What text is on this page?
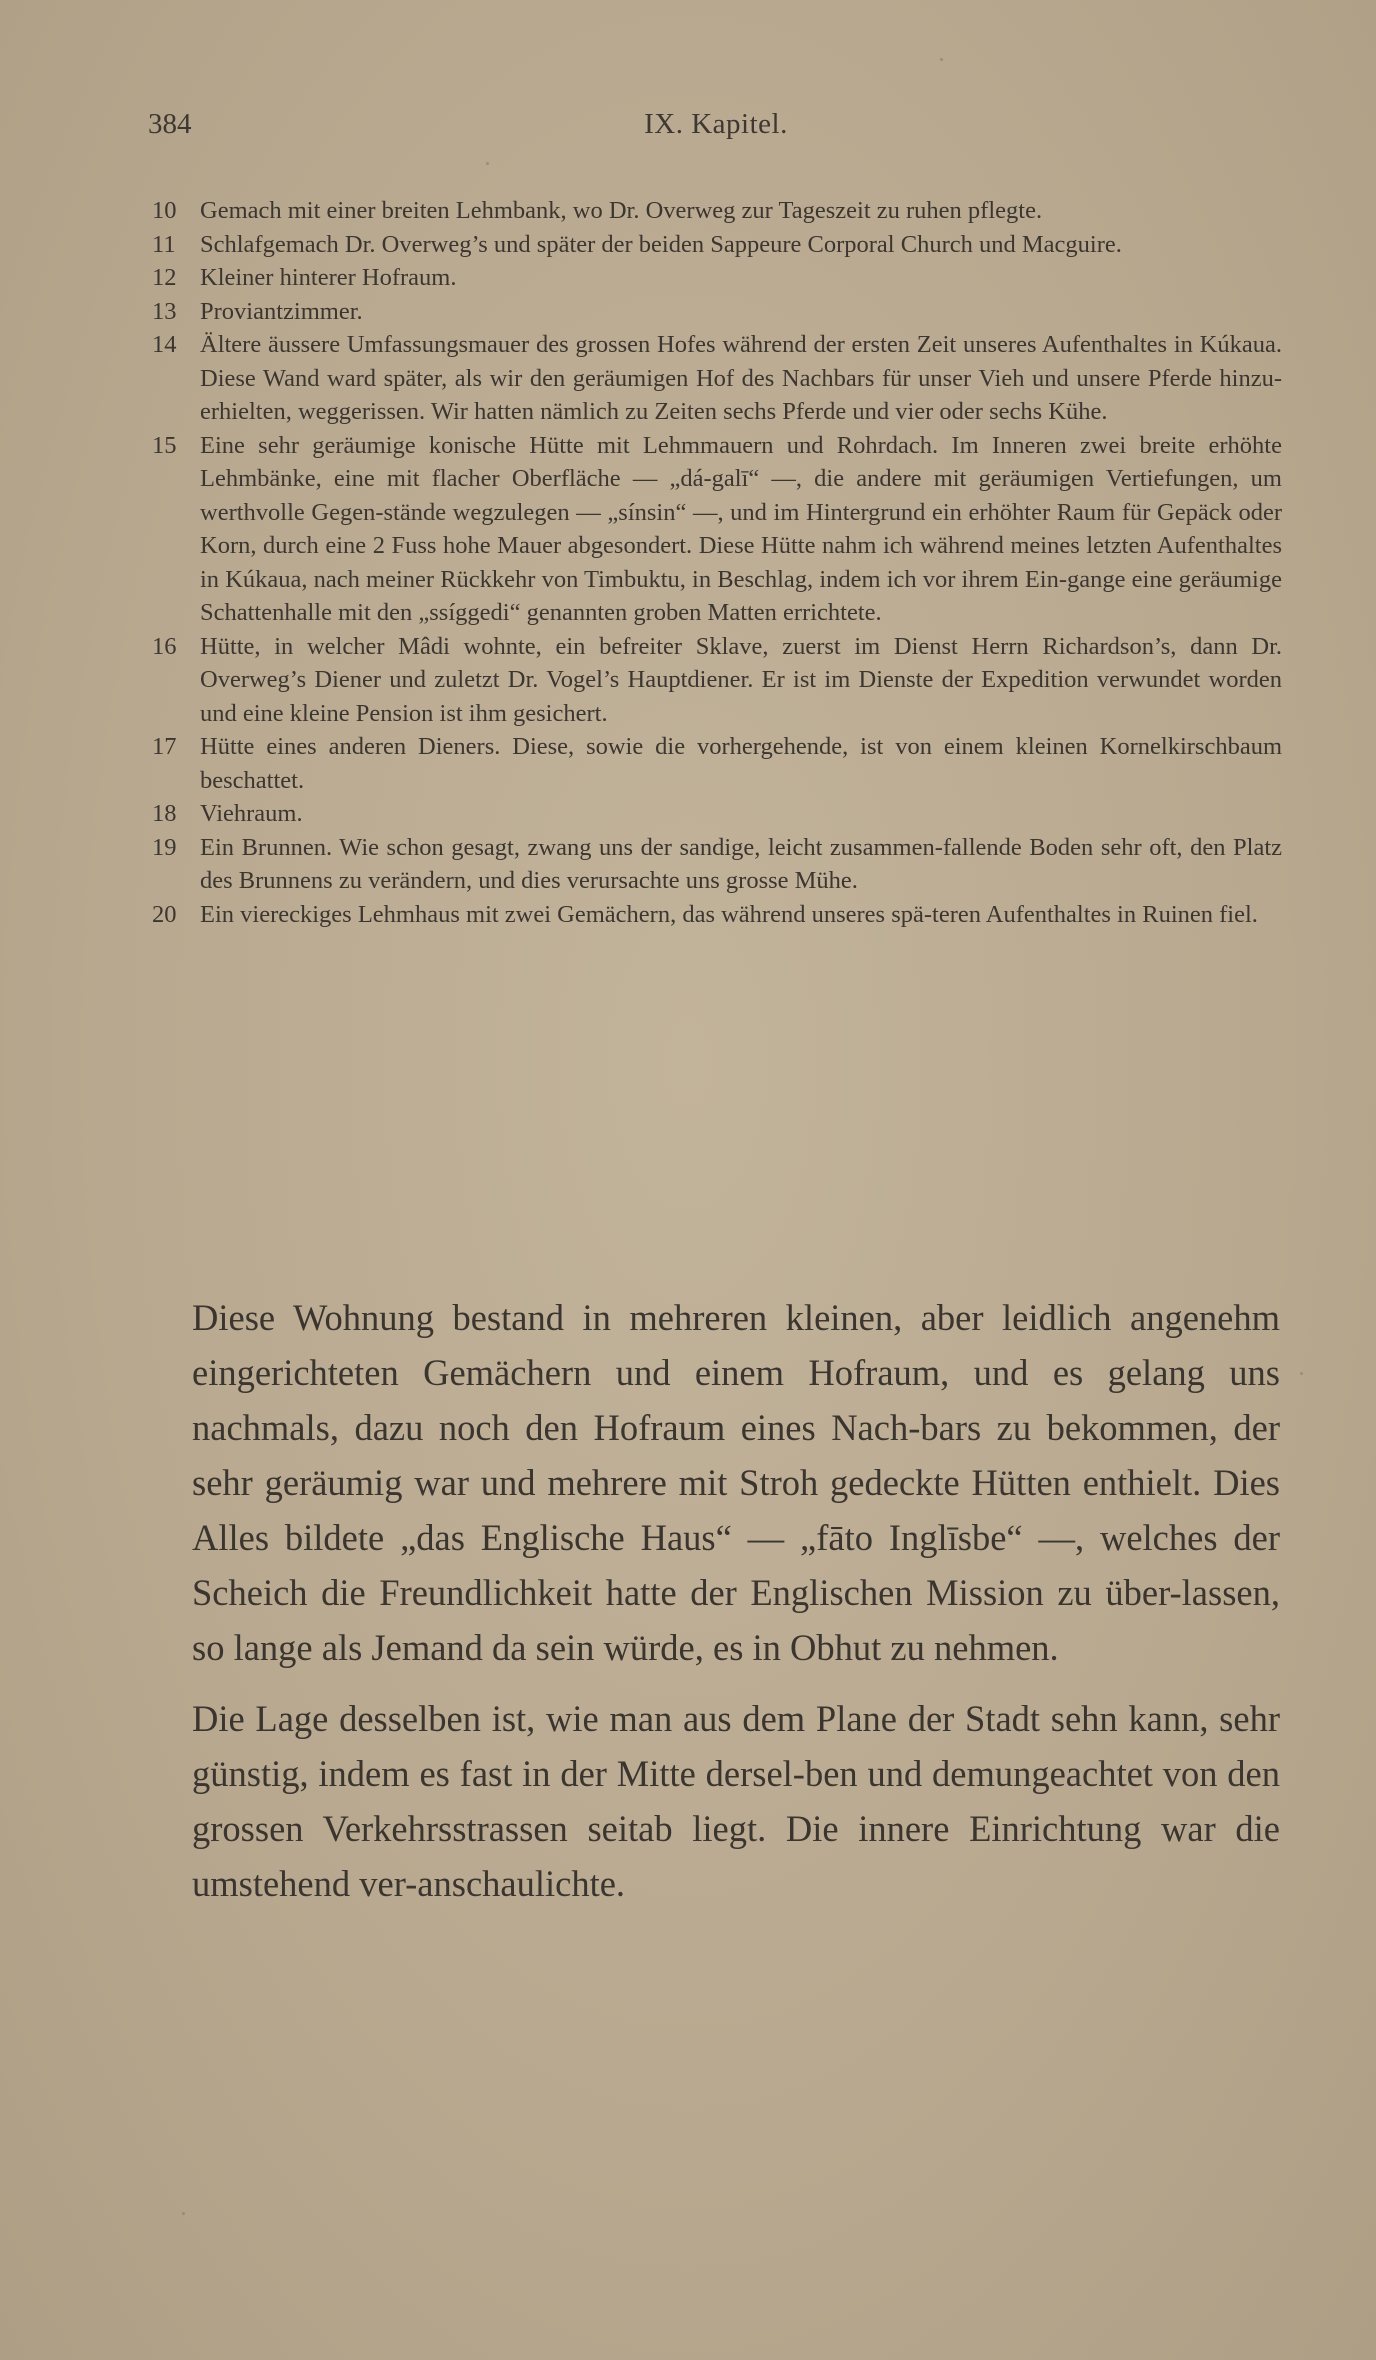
384	IX. Kapitel.
10 Gemach mit einer breiten Lehmbank, wo Dr. Overweg zur Tageszeit zu ruhen pflegte.
11 Schlafgemach Dr. Overweg’s und später der beiden Sappeure Corporal Church und Macguire.
12 Kleiner hinterer Hofraum.
13 Proviantzimmer.
14 Ältere äussere Umfassungsmauer des grossen Hofes während der ersten Zeit unseres Aufenthaltes in Kúkaua. Diese Wand ward später, als wir den geräumigen Hof des Nachbars für unser Vieh und unsere Pferde hinzu-erhielten, weggerissen. Wir hatten nämlich zu Zeiten sechs Pferde und vier oder sechs Kühe.
15 Eine sehr geräumige konische Hütte mit Lehmmauern und Rohrdach. Im Inneren zwei breite erhöhte Lehmbänke, eine mit flacher Oberfläche — „dá-galī“ —, die andere mit geräumigen Vertiefungen, um werthvolle Gegen-stände wegzulegen — „sínsin“ —, und im Hintergrund ein erhöhter Raum für Gepäck oder Korn, durch eine 2 Fuss hohe Mauer abgesondert. Diese Hütte nahm ich während meines letzten Aufenthaltes in Kúkaua, nach meiner Rückkehr von Timbuktu, in Beschlag, indem ich vor ihrem Ein-gange eine geräumige Schattenhalle mit den „ssíggedi“ genannten groben Matten errichtete.
16 Hütte, in welcher Mâdi wohnte, ein befreiter Sklave, zuerst im Dienst Herrn Richardson’s, dann Dr. Overweg’s Diener und zuletzt Dr. Vogel’s Hauptdiener. Er ist im Dienste der Expedition verwundet worden und eine kleine Pension ist ihm gesichert.
17 Hütte eines anderen Dieners. Diese, sowie die vorhergehende, ist von einem kleinen Kornelkirschbaum beschattet.
18 Viehraum.
19 Ein Brunnen. Wie schon gesagt, zwang uns der sandige, leicht zusammen-fallende Boden sehr oft, den Platz des Brunnens zu verändern, und dies verursachte uns grosse Mühe.
20 Ein viereckiges Lehmhaus mit zwei Gemächern, das während unseres spä-teren Aufenthaltes in Ruinen fiel.

Diese Wohnung bestand in mehreren kleinen, aber leidlich angenehm eingerichteten Gemächern und einem Hofraum, und es gelang uns nachmals, dazu noch den Hofraum eines Nach-bars zu bekommen, der sehr geräumig war und mehrere mit Stroh gedeckte Hütten enthielt. Dies Alles bildete „das Englische Haus“ — „fāto Inglīsbe“ —, welches der Scheich die Freundlichkeit hatte der Englischen Mission zu über-lassen, so lange als Jemand da sein würde, es in Obhut zu nehmen.

Die Lage desselben ist, wie man aus dem Plane der Stadt sehn kann, sehr günstig, indem es fast in der Mitte dersel-ben und demungeachtet von den grossen Verkehrsstrassen seitab liegt. Die innere Einrichtung war die umstehend ver-anschaulichte.
